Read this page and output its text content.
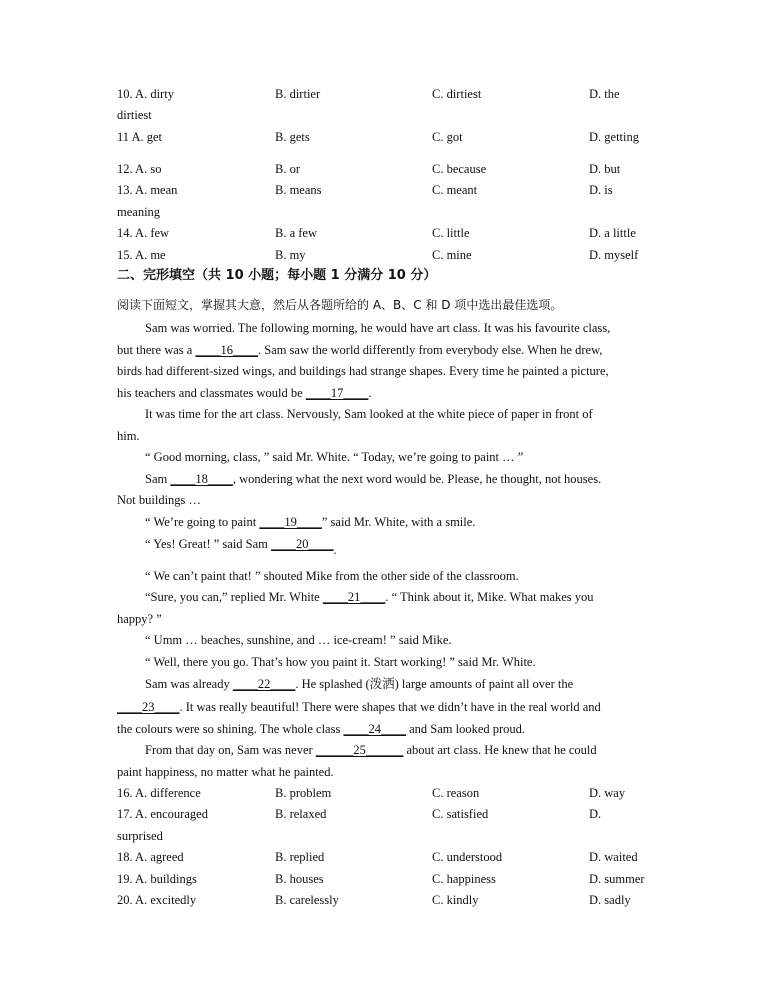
10. A. dirty	B. dirtier	C. dirtiest	D. the
dirtiest
11 A. get	B. gets	C. got	D. getting
12. A. so	B. or	C. because	D. but
13. A. mean	B. means	C. meant	D. is
meaning
14. A. few	B. a few	C. little	D. a little
15. A. me	B. my	C. mine	D. myself
二、完形填空（共 10 小题；每小题 1 分满分 10 分）
阅读下面短文，掌握其大意，然后从各题所给的 A、B、C 和 D 项中选出最佳选项。
Sam was worried. The following morning, he would have art class. It was his favourite class,
but there was a ____16____. Sam saw the world differently from everybody else. When he drew,
birds had different-sized wings, and buildings had strange shapes. Every time he painted a picture,
his teachers and classmates would be ____17____.
It was time for the art class. Nervously, Sam looked at the white piece of paper in front of
him.
“ Good morning, class, ” said Mr. White. “ Today, we’re going to paint … ”
Sam ____18____, wondering what the next word would be. Please, he thought, not houses.
Not buildings …
“ We’re going to paint ____19____” said Mr. White, with a smile.
“ Yes! Great! ” said Sam ____20____.
“ We can’t paint that! ” shouted Mike from the other side of the classroom.
“Sure, you can,” replied Mr. White ____21____. “ Think about it, Mike. What makes you
happy? ”
“ Umm … beaches, sunshine, and … ice-cream! ” said Mike.
“ Well, there you go. That’s how you paint it. Start working! ” said Mr. White.
Sam was already ____22____. He splashed (泼洒) large amounts of paint all over the
____23____. It was really beautiful! There were shapes that we didn’t have in the real world and
the colours were so shining. The whole class ____24____ and Sam looked proud.
From that day on, Sam was never ______25______ about art class. He knew that he could
paint happiness, no matter what he painted.
16. A. difference	B. problem	C. reason	D. way
17. A. encouraged	B. relaxed	C. satisfied	D.
surprised
18. A. agreed	B. replied	C. understood	D. waited
19. A. buildings	B. houses	C. happiness	D. summer
20. A. excitedly	B. carelessly	C. kindly	D. sadly
